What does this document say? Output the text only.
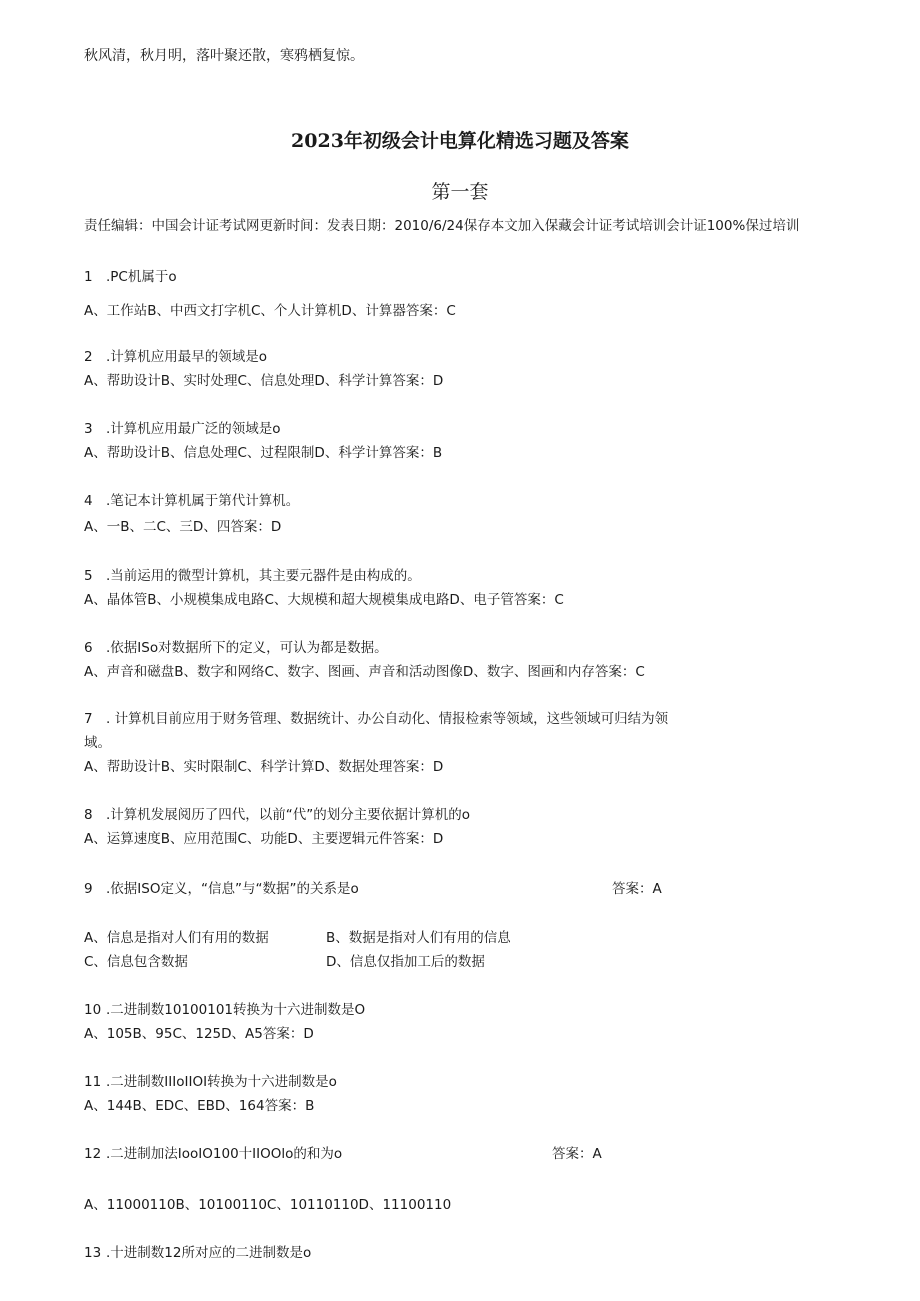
秋风清，秋月明，落叶聚还散，寒鸦栖复惊。
2023年初级会计电算化精选习题及答案
第一套
责任编辑：中国会计证考试网更新时间：发表日期：2010/6/24保存本文加入保藏会计证考试培训会计证100%保过培训
1 .PC机属于o
A、工作站B、中西文打字机C、个人计算机D、计算器答案：C
2 .计算机应用最早的领域是o
A、帮助设计B、实时处理C、信息处理D、科学计算答案：D
3 .计算机应用最广泛的领域是o
A、帮助设计B、信息处理C、过程限制D、科学计算答案：B
4 .笔记本计算机属于第代计算机。
A、一B、二C、三D、四答案：D
5 .当前运用的微型计算机，其主要元器件是由构成的。
A、晶体管B、小规模集成电路C、大规模和超大规模集成电路D、电子管答案：C
6 .依据ISo对数据所下的定义，可认为都是数据。
A、声音和磁盘B、数字和网络C、数字、图画、声音和活动图像D、数字、图画和内存答案：C
7 . 计算机目前应用于财务管理、数据统计、办公自动化、情报检索等领域，这些领域可归结为领
域。
A、帮助设计B、实时限制C、科学计算D、数据处理答案：D
8 .计算机发展阅历了四代，以前“代”的划分主要依据计算机的o
A、运算速度B、应用范围C、功能D、主要逻辑元件答案：D
9 .依据ISO定义，“信息”与“数据”的关系是o	答案：A
A、信息是指对人们有用的数据	B、数据是指对人们有用的信息
C、信息包含数据	D、信息仅指加工后的数据
10 .二进制数10100101转换为十六进制数是O
A、105B、95C、125D、A5答案：D
11 .二进制数IIIoIIOI转换为十六进制数是o
A、144B、EDC、EBD、164答案：B
12 .二进制加法IooIO100十IIOOlo的和为o	答案：A
A、11000110B、10100110C、10110110D、11100110
13 .十进制数12所对应的二进制数是o
